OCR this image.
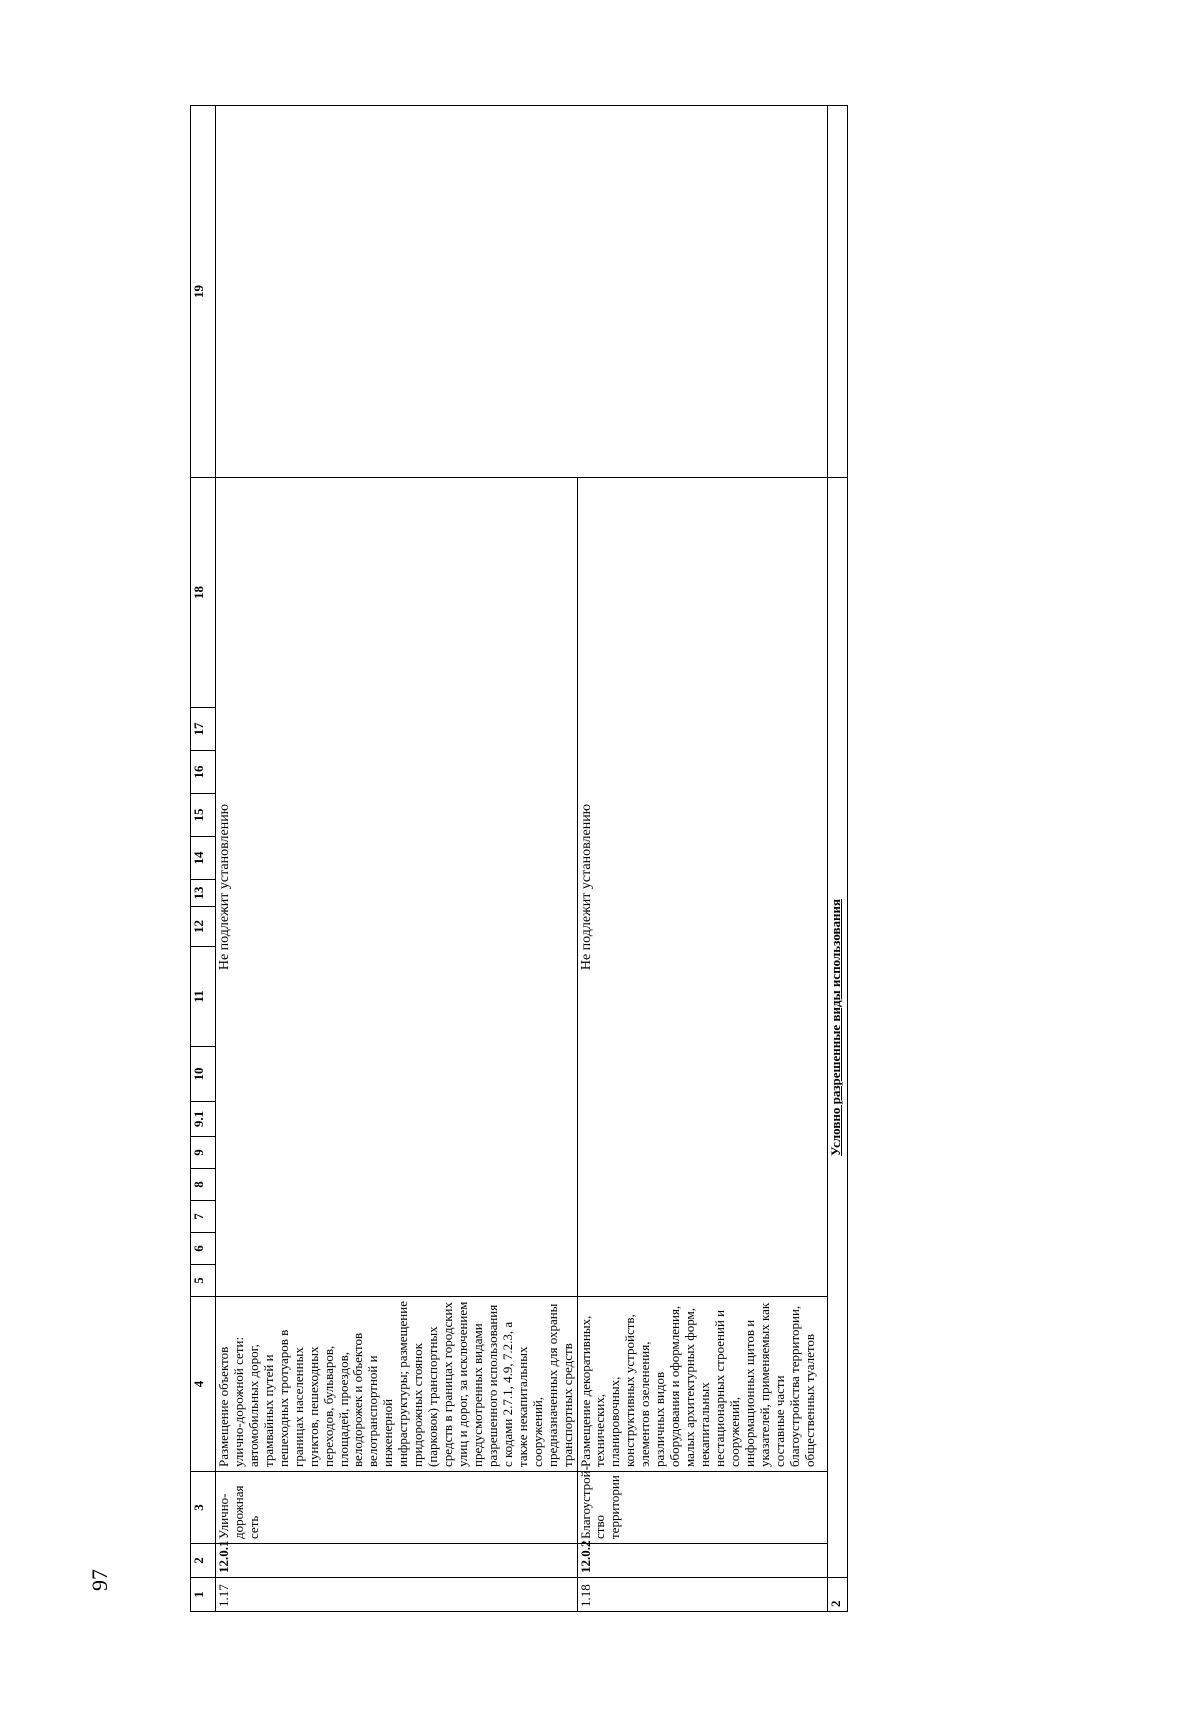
97
1	2	3	4	5	6	7	8	9	9.1	10	11	12	13	14	15	16	17	18	19
1.17	12.0.1	Улично-дорожная сеть	Размещение объектов улично-дорожной сети: автомобильных дорог, трамвайных путей и пешеходных тротуаров в границах населенных пунктов, пешеходных переходов, бульваров, площадей, проездов, велодорожек и объектов велотранспортной и инженерной инфраструктуры; размещение придорожных стоянок (парковок) транспортных средств в границах городских улиц и дорог, за исключением предусмотренных видами разрешенного использования с кодами 2.7.1, 4.9, 7.2.3, а также некапитальных сооружений, предназначенных для охраны транспортных средств	Не подлежит установлению															
1.18	12.0.2	Благоустрой-ство территории	Размещение декоративных, технических, планировочных, конструктивных устройств, элементов озеленения, различных видов оборудования и оформления, малых архитектурных форм, некапитальных нестационарных строений и сооружений, информационных щитов и указателей, применяемых как составные части благоустройства территории, общественных туалетов	Не подлежит установлению															
2	Условно разрешенные виды использования																		
